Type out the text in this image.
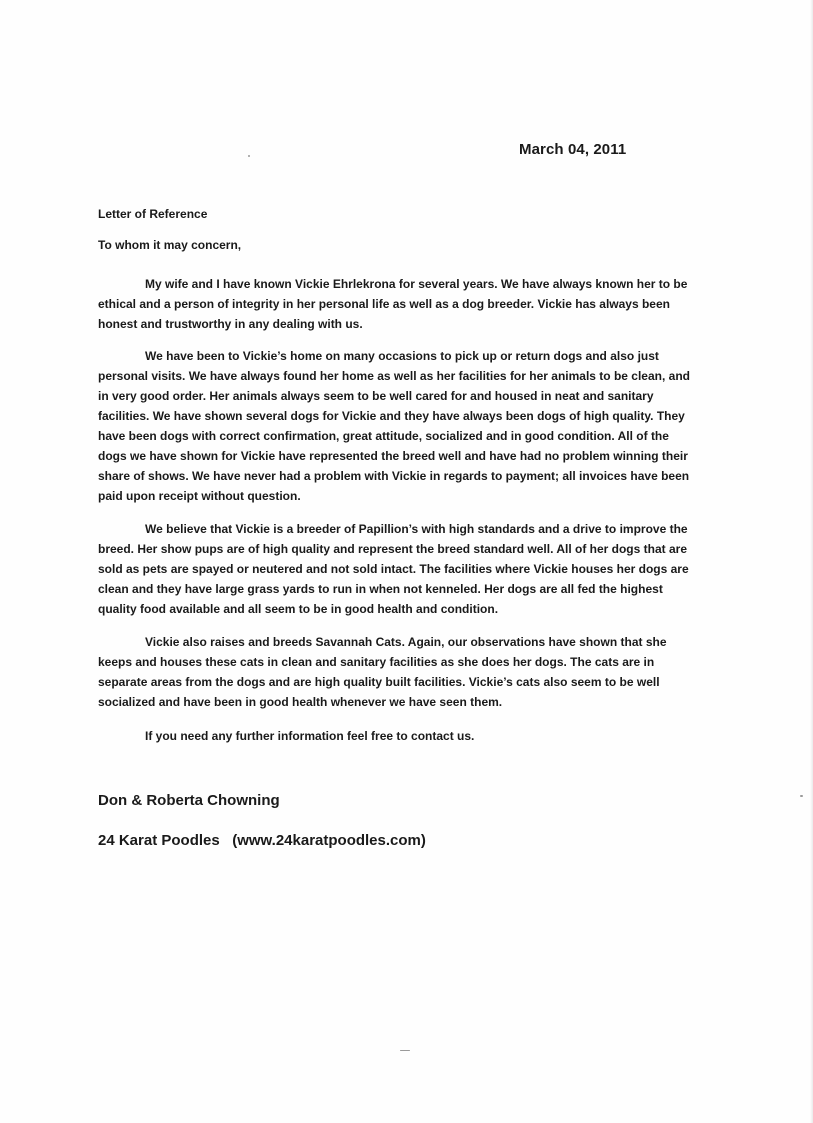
March 04, 2011
Letter of Reference
To whom it may concern,

My wife and I have known Vickie Ehrlekrona for several years. We have always known her to be ethical and a person of integrity in her personal life as well as a dog breeder. Vickie has always been honest and trustworthy in any dealing with us.

We have been to Vickie’s home on many occasions to pick up or return dogs and also just personal visits. We have always found her home as well as her facilities for her animals to be clean, and in very good order. Her animals always seem to be well cared for and housed in neat and sanitary facilities. We have shown several dogs for Vickie and they have always been dogs of high quality. They have been dogs with correct confirmation, great attitude, socialized and in good condition. All of the dogs we have shown for Vickie have represented the breed well and have had no problem winning their share of shows. We have never had a problem with Vickie in regards to payment; all invoices have been paid upon receipt without question.

We believe that Vickie is a breeder of Papillion’s with high standards and a drive to improve the breed. Her show pups are of high quality and represent the breed standard well. All of her dogs that are sold as pets are spayed or neutered and not sold intact. The facilities where Vickie houses her dogs are clean and they have large grass yards to run in when not kenneled. Her dogs are all fed the highest quality food available and all seem to be in good health and condition.

Vickie also raises and breeds Savannah Cats. Again, our observations have shown that she keeps and houses these cats in clean and sanitary facilities as she does her dogs. The cats are in separate areas from the dogs and are high quality built facilities. Vickie’s cats also seem to be well socialized and have been in good health whenever we have seen them.

If you need any further information feel free to contact us.

Don & Roberta Chowning
24 Karat Poodles   (www.24karatpoodles.com)
